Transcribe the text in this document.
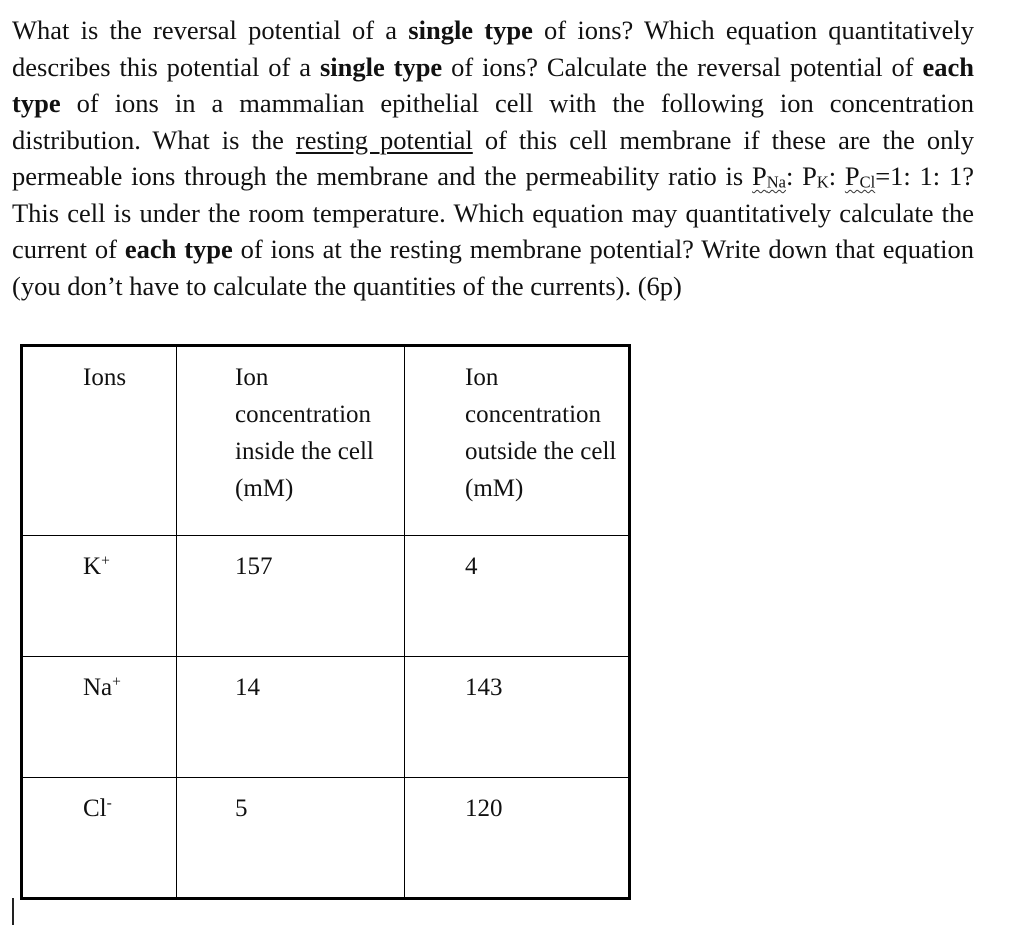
What is the reversal potential of a single type of ions? Which equation quantitatively describes this potential of a single type of ions? Calculate the reversal potential of each type of ions in a mammalian epithelial cell with the following ion concentration distribution. What is the resting potential of this cell membrane if these are the only permeable ions through the membrane and the permeability ratio is $P_{Na}$: $P_K$: $P_{Cl}=1$: 1: 1? This cell is under the room temperature. Which equation may quantitatively calculate the current of each type of ions at the resting membrane potential? Write down that equation (you don’t have to calculate the quantities of the currents). (6p)
Ions	Ion concentration inside the cell (mM)	Ion concentration outside the cell (mM)
K+	157	4
Na+	14	143
Cl-	5	120
